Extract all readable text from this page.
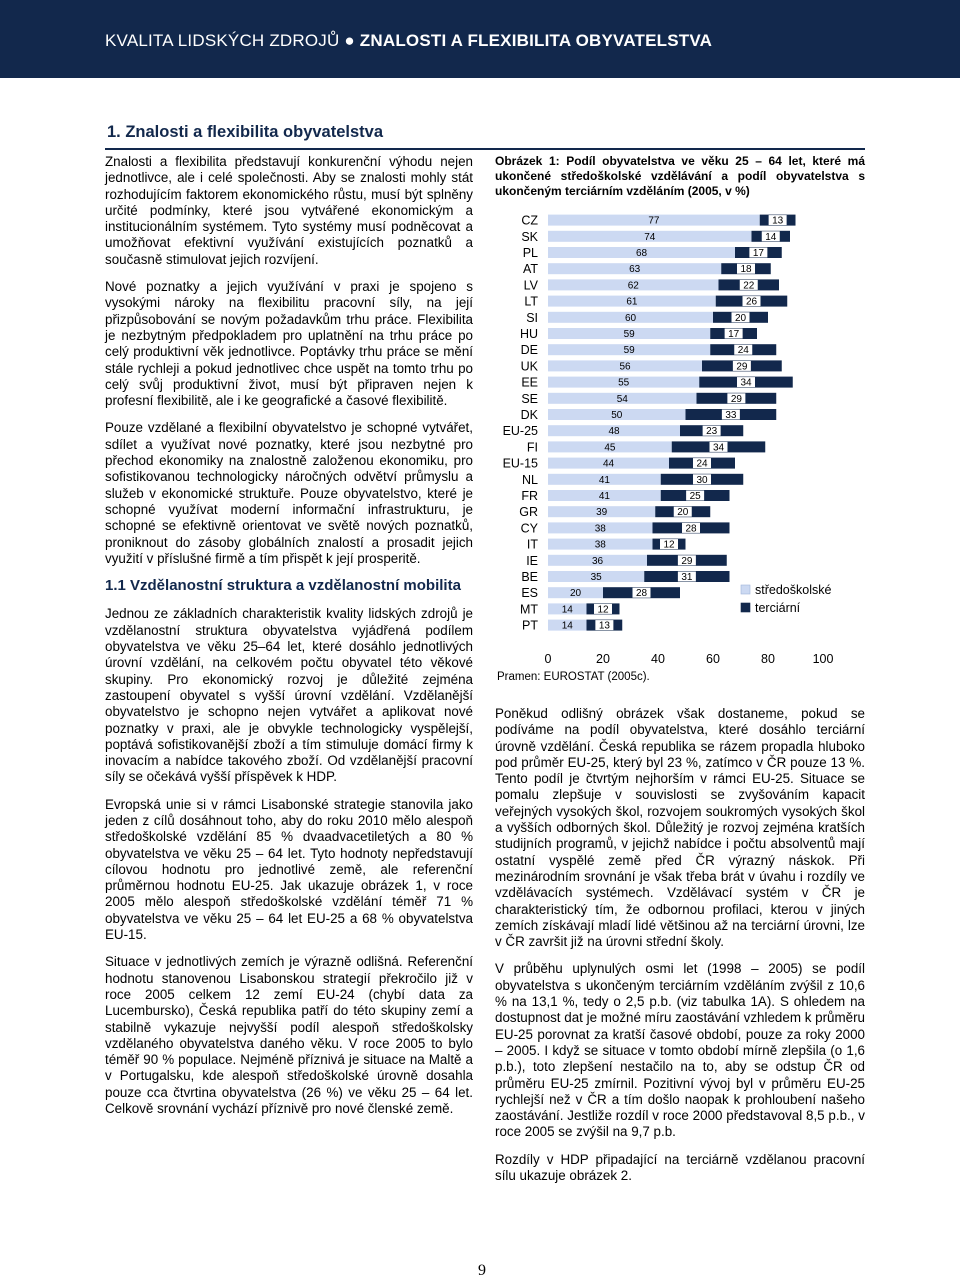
KVALITA LIDSKÝCH ZDROJŮ ● ZNALOSTI A FLEXIBILITA OBYVATELSTVA
1. Znalosti a flexibilita obyvatelstva

Znalosti a flexibilita představují konkurenční výhodu nejen jednotlivce, ale i celé společnosti. Aby se znalosti mohly stát rozhodujícím faktorem ekonomického růstu, musí být splněny určité podmínky, které jsou vytvářené ekonomickým a institucionálním systémem. Tyto systémy musí podněcovat a umožňovat efektivní využívání existujících poznatků a současně stimulovat jejich rozvíjení.

Nové poznatky a jejich využívání v praxi je spojeno s vysokými nároky na flexibilitu pracovní síly, na její přizpůsobování se novým požadavkům trhu práce. Flexibilita je nezbytným předpokladem pro uplatnění na trhu práce po celý produktivní věk jednotlivce. Poptávky trhu práce se mění stále rychleji a pokud jednotlivec chce uspět na tomto trhu po celý svůj produktivní život, musí být připraven nejen k profesní flexibilitě, ale i ke geografické a časové flexibilitě.

Pouze vzdělané a flexibilní obyvatelstvo je schopné vytvářet, sdílet a využívat nové poznatky, které jsou nezbytné pro přechod ekonomiky na znalostně založenou ekonomiku, pro sofistikovanou technologicky náročných odvětví průmyslu a služeb v ekonomické struktuře. Pouze obyvatelstvo, které je schopné využívat moderní informační infrastrukturu, je schopné se efektivně orientovat ve světě nových poznatků, proniknout do zásoby globálních znalostí a prosadit jejich využití v příslušné firmě a tím přispět k její prosperitě.

1.1 Vzdělanostní struktura a vzdělanostní mobilita

Jednou ze základních charakteristik kvality lidských zdrojů je vzdělanostní struktura obyvatelstva vyjádřená podílem obyvatelstva ve věku 25–64 let, které dosáhlo jednotlivých úrovní vzdělání, na celkovém počtu obyvatel této věkové skupiny. Pro ekonomický rozvoj je důležité zejména zastoupení obyvatel s vyšší úrovní vzdělání. Vzdělanější obyvatelstvo je schopno nejen vytvářet a aplikovat nové poznatky v praxi, ale je obvykle technologicky vyspělejší, poptává sofistikovanější zboží a tím stimuluje domácí firmy k inovacím a nabídce takového zboží. Od vzdělanější pracovní síly se očekává vyšší příspěvek k HDP.

Evropská unie si v rámci Lisabonské strategie stanovila jako jeden z cílů dosáhnout toho, aby do roku 2010 mělo alespoň středoškolské vzdělání 85 % dvaadvacetiletých a 80 % obyvatelstva ve věku 25 – 64 let. Tyto hodnoty nepředstavují cílovou hodnotu pro jednotlivé země, ale referenční průměrnou hodnotu EU-25. Jak ukazuje obrázek 1, v roce 2005 mělo alespoň středoškolské vzdělání téměř 71 % obyvatelstva ve věku 25 – 64 let EU-25 a 68 % obyvatelstva EU-15.

Situace v jednotlivých zemích je výrazně odlišná. Referenční hodnotu stanovenou Lisabonskou strategií překročilo již v roce 2005 celkem 12 zemí EU-24 (chybí data za Lucembursko), Česká republika patří do této skupiny zemí a stabilně vykazuje nejvyšší podíl alespoň středoškolsky vzdělaného obyvatelstva daného věku. V roce 2005 to bylo téměř 90 % populace. Nejméně příznivá je situace na Maltě a v Portugalsku, kde alespoň středoškolské úrovně dosahla pouze cca čtvrtina obyvatelstva (26 %) ve věku 25 – 64 let. Celkově srovnání vychází příznivě pro nové členské země.

Obrázek 1: Podíl obyvatelstva ve věku 25 – 64 let, které má ukončené středoškolské vzdělávání a podíl obyvatelstva s ukončeným terciárním vzděláním (2005, v %)
CZ	77	13
SK	74	14
PL	68	17
AT	63	18
LV	62	22
LT	61	26
SI	60	20
HU	59	17
DE	59	24
UK	56	29
EE	55	34
SE	54	29
DK	50	33
EU-25	48	23
FI	45	34
EU-15	44	24
NL	41	30
FR	41	25
GR	39	20
CY	38	28
IT	38	12
IE	36	29
BE	35	31
ES	20	28
MT 14 12
PT 14	13
0	20	40	60	80	100
středoškolské
terciární
Pramen: EUROSTAT (2005c).

Poněkud odlišný obrázek však dostaneme, pokud se podíváme na podíl obyvatelstva, které dosáhlo terciární úrovně vzdělání. Česká republika se rázem propadla hluboko pod průměr EU-25, který byl 23 %, zatímco v ČR pouze 13 %. Tento podíl je čtvrtým nejhorším v rámci EU-25. Situace se pomalu zlepšuje v souvislosti se zvyšováním kapacit veřejných vysokých škol, rozvojem soukromých vysokých škol a vyšších odborných škol. Důležitý je rozvoj zejména kratších studijních programů, v jejichž nabídce i počtu absolventů mají ostatní vyspělé země před ČR výrazný náskok. Při mezinárodním srovnání je však třeba brát v úvahu i rozdíly ve vzdělávacích systémech. Vzdělávací systém v ČR je charakteristický tím, že odbornou profilaci, kterou v jiných zemích získávají mladí lidé většinou až na terciární úrovni, lze v ČR završit již na úrovni střední školy.

V průběhu uplynulých osmi let (1998 – 2005) se podíl obyvatelstva s ukončeným terciárním vzděláním zvýšil z 10,6 % na 13,1 %, tedy o 2,5 p.b. (viz tabulka 1A). S ohledem na dostupnost dat je možné míru zaostávání vzhledem k průměru EU-25 porovnat za kratší časové období, pouze za roky 2000 – 2005. I když se situace v tomto období mírně zlepšila (o 1,6 p.b.), toto zlepšení nestačilo na to, aby se odstup ČR od průměru EU-25 zmírnil. Pozitivní vývoj byl v průměru EU-25 rychlejší než v ČR a tím došlo naopak k prohloubení našeho zaostávání. Jestliže rozdíl v roce 2000 představoval 8,5 p.b., v roce 2005 se zvýšil na 9,7 p.b.

Rozdíly v HDP připadající na terciárně vzdělanou pracovní sílu ukazuje obrázek 2.

9
